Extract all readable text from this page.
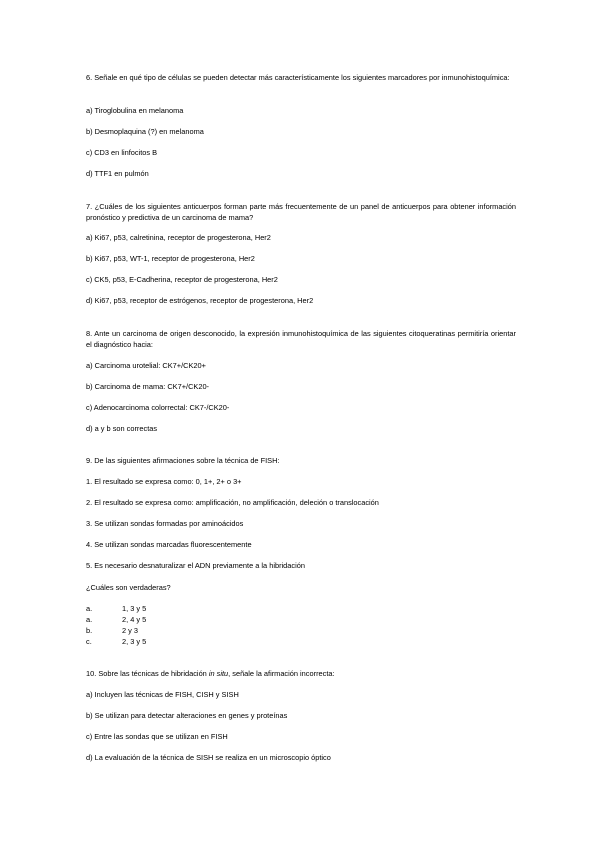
6. Señale en qué tipo de células se pueden detectar más característicamente los siguientes marcadores por inmunohistoquímica:
a) Tiroglobulina en melanoma
b) Desmoplaquina (?) en melanoma
c) CD3 en linfocitos B
d) TTF1 en pulmón
7. ¿Cuáles de los siguientes anticuerpos forman parte más frecuentemente de un panel de anticuerpos para obtener información pronóstico y predictiva de un carcinoma de mama?
a) Ki67, p53, calretinina, receptor de progesterona, Her2
b) Ki67, p53, WT-1, receptor de progesterona, Her2
c) CK5, p53, E-Cadherina, receptor de progesterona, Her2
d) Ki67, p53, receptor de estrógenos, receptor de progesterona, Her2
8. Ante un carcinoma de origen desconocido, la expresión inmunohistoquímica de las siguientes citoqueratinas permitiría orientar el diagnóstico hacia:
a) Carcinoma urotelial: CK7+/CK20+
b) Carcinoma de mama: CK7+/CK20-
c) Adenocarcinoma colorrectal: CK7-/CK20-
d) a y b son correctas
9. De las siguientes afirmaciones sobre la técnica de FISH:
1. El resultado se expresa como: 0, 1+, 2+ o 3+
2. El resultado se expresa como: amplificación, no amplificación, deleción o translocación
3. Se utilizan sondas formadas por aminoácidos
4. Se utilizan sondas marcadas fluorescentemente
5. Es necesario desnaturalizar el ADN previamente a la hibridación
¿Cuáles son verdaderas?
a.	1, 3 y 5
a.	2, 4 y 5
b.	2 y 3
c.	2, 3 y 5
10. Sobre las técnicas de hibridación in situ, señale la afirmación incorrecta:
a) Incluyen las técnicas de FISH, CISH y SISH
b) Se utilizan para detectar alteraciones en genes y proteínas
c) Entre las sondas que se utilizan en FISH
d) La evaluación de la técnica de SISH se realiza en un microscopio óptico
